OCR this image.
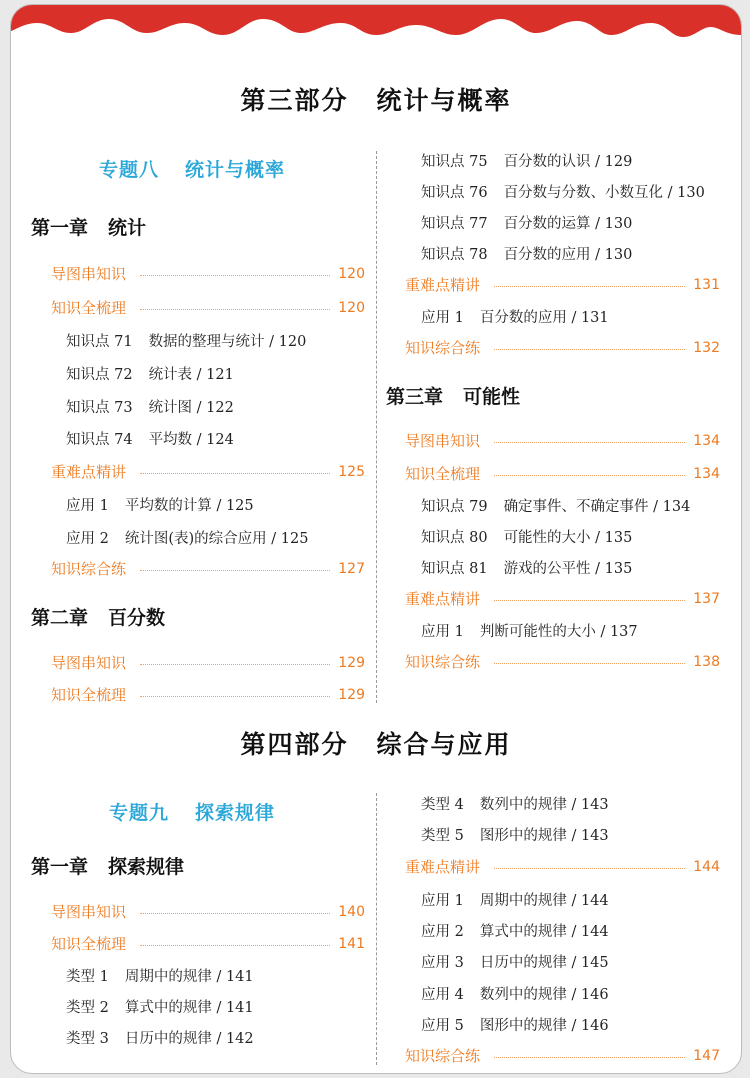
第三部分 统计与概率
专题八 统计与概率
第一章 统计
导图串知识	120
知识全梳理	120
知识点 71 数据的整理与统计 / 120
知识点 72 统计表 / 121
知识点 73 统计图 / 122
知识点 74 平均数 / 124
重难点精讲	125
应用 1 平均数的计算 / 125
应用 2 统计图(表)的综合应用 / 125
知识综合练	127
第二章 百分数
导图串知识	129
知识全梳理	129
知识点 75 百分数的认识 / 129
知识点 76 百分数与分数、小数互化 / 130
知识点 77 百分数的运算 / 130
知识点 78 百分数的应用 / 130
重难点精讲	131
应用 1 百分数的应用 / 131
知识综合练	132
第三章 可能性
导图串知识	134
知识全梳理	134
知识点 79 确定事件、不确定事件 / 134
知识点 80 可能性的大小 / 135
知识点 81 游戏的公平性 / 135
重难点精讲	137
应用 1 判断可能性的大小 / 137
知识综合练	138
第四部分 综合与应用
专题九 探索规律
第一章 探索规律
导图串知识	140
知识全梳理	141
类型 1 周期中的规律 / 141
类型 2 算式中的规律 / 141
类型 3 日历中的规律 / 142
类型 4 数列中的规律 / 143
类型 5 图形中的规律 / 143
重难点精讲	144
应用 1 周期中的规律 / 144
应用 2 算式中的规律 / 144
应用 3 日历中的规律 / 145
应用 4 数列中的规律 / 146
应用 5 图形中的规律 / 146
知识综合练	147
